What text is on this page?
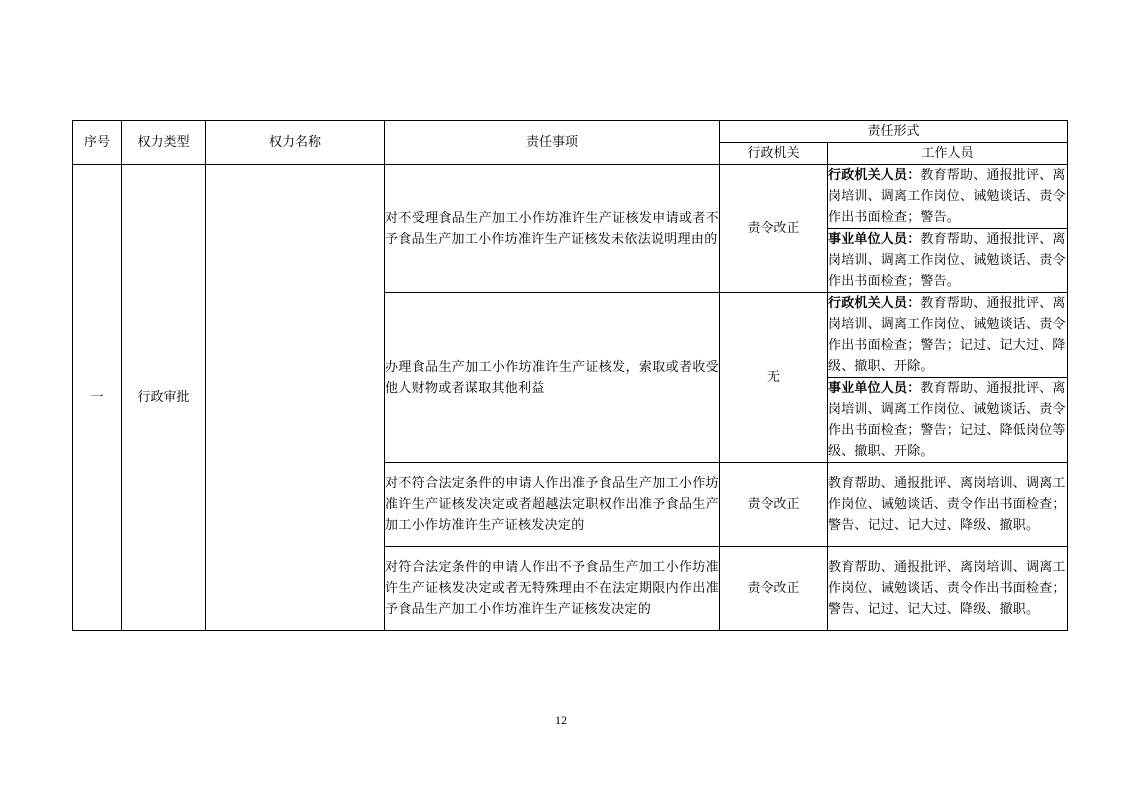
序号	权力类型	权力名称	责任事项	责任形式	
				行政机关	工作人员
一	行政审批		对不受理食品生产加工小作坊准许生产证核发申请或者不予食品生产加工小作坊准许生产证核发未依法说明理由的	责令改正	行政机关人员：教育帮助、通报批评、离岗培训、调离工作岗位、诫勉谈话、责令作出书面检查；警告。
					事业单位人员：教育帮助、通报批评、离岗培训、调离工作岗位、诫勉谈话、责令作出书面检查；警告。
			办理食品生产加工小作坊准许生产证核发，索取或者收受他人财物或者谋取其他利益	无	行政机关人员：教育帮助、通报批评、离岗培训、调离工作岗位、诫勉谈话、责令作出书面检查；警告；记过、记大过、降级、撤职、开除。
					事业单位人员：教育帮助、通报批评、离岗培训、调离工作岗位、诫勉谈话、责令作出书面检查；警告；记过、降低岗位等级、撤职、开除。
			对不符合法定条件的申请人作出准予食品生产加工小作坊准许生产证核发决定或者超越法定职权作出准予食品生产加工小作坊准许生产证核发决定的	责令改正	教育帮助、通报批评、离岗培训、调离工作岗位、诫勉谈话、责令作出书面检查；警告、记过、记大过、降级、撤职。
			对符合法定条件的申请人作出不予食品生产加工小作坊准许生产证核发决定或者无特殊理由不在法定期限内作出准予食品生产加工小作坊准许生产证核发决定的	责令改正	教育帮助、通报批评、离岗培训、调离工作岗位、诫勉谈话、责令作出书面检查；警告、记过、记大过、降级、撤职。
12
